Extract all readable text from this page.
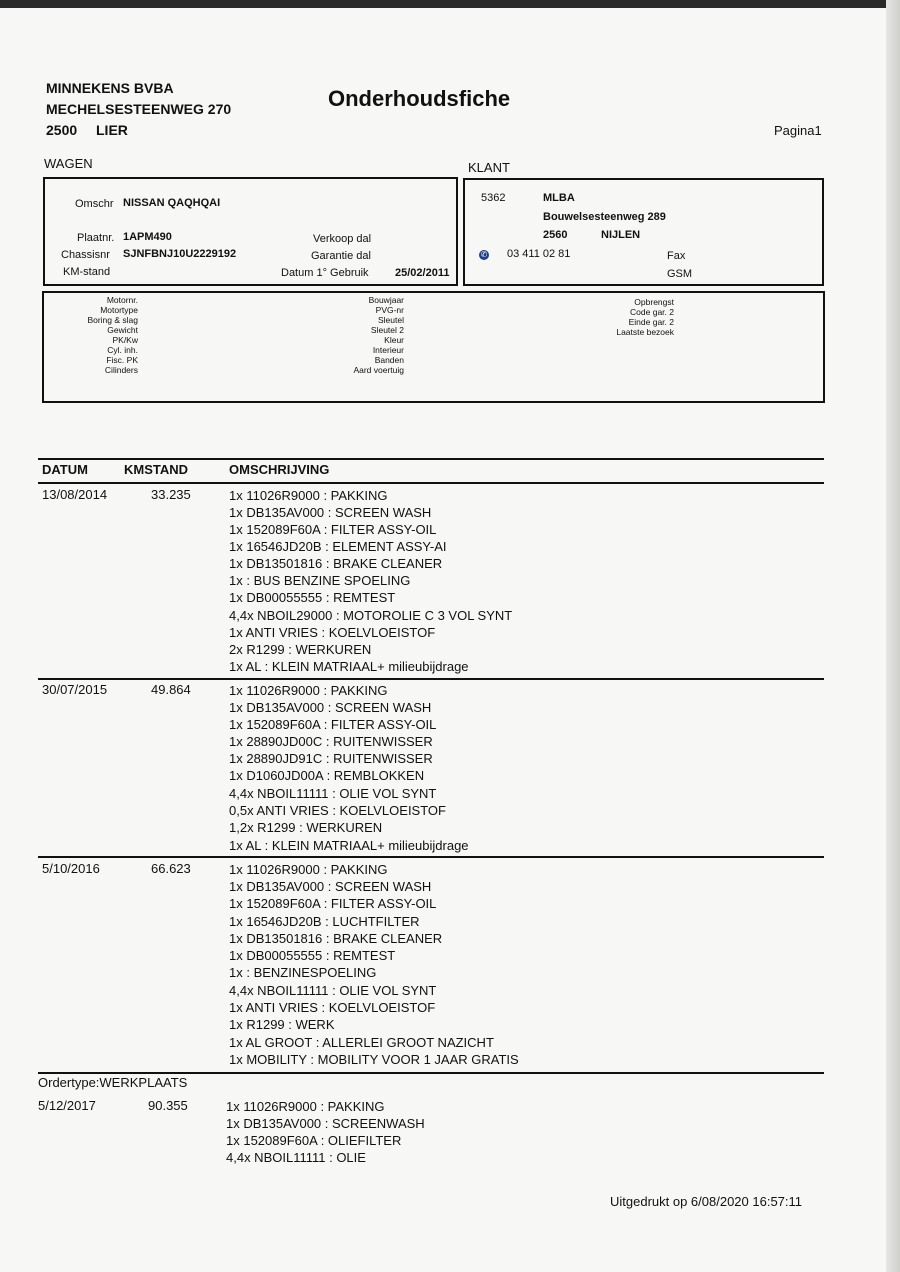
MINNEKENS BVBA
MECHELSESTEENWEG 270
2500 LIER
Onderhoudsfiche
Pagina1
WAGEN	KLANT
Omschr NISSAN QAQHQAI
Plaatnr. 1APM490
Chassisnr SJNFBNJ10U2229192
KM-stand
Verkoop dal
Garantie dal
Datum 1° Gebruik 25/02/2011
5362	MLBA
Bouwelsesteenweg 289
2560	NIJLEN
✆ 03 411 02 81	Fax
GSM
Motornr.
Motortype
Boring & slag
Gewicht
PK/Kw
Cyl. inh.
Fisc. PK
Cilinders
Bouwjaar
PVG-nr
Sleutel
Sleutel 2
Kleur
Interieur
Banden
Aard voertuig
Opbrengst
Code gar. 2
Einde gar. 2
Laatste bezoek
DATUM	KMSTAND	OMSCHRIJVING
13/08/2014	33.235	1x 11026R9000 : PAKKING
1x DB135AV000 : SCREEN WASH
1x 152089F60A : FILTER ASSY-OIL
1x 16546JD20B : ELEMENT ASSY-AI
1x DB13501816 : BRAKE CLEANER
1x : BUS BENZINE SPOELING
1x DB00055555 : REMTEST
4,4x NBOIL29000 : MOTOROLIE C 3 VOL SYNT
1x ANTI VRIES : KOELVLOEISTOF
2x R1299 : WERKUREN
1x AL : KLEIN MATRIAAL+ milieubijdrage
30/07/2015	49.864	1x 11026R9000 : PAKKING
1x DB135AV000 : SCREEN WASH
1x 152089F60A : FILTER ASSY-OIL
1x 28890JD00C : RUITENWISSER
1x 28890JD91C : RUITENWISSER
1x D1060JD00A : REMBLOKKEN
4,4x NBOIL11111 : OLIE VOL SYNT
0,5x ANTI VRIES : KOELVLOEISTOF
1,2x R1299 : WERKUREN
1x AL : KLEIN MATRIAAL+ milieubijdrage
5/10/2016	66.623	1x 11026R9000 : PAKKING
1x DB135AV000 : SCREEN WASH
1x 152089F60A : FILTER ASSY-OIL
1x 16546JD20B : LUCHTFILTER
1x DB13501816 : BRAKE CLEANER
1x DB00055555 : REMTEST
1x : BENZINESPOELING
4,4x NBOIL11111 : OLIE VOL SYNT
1x ANTI VRIES : KOELVLOEISTOF
1x R1299 : WERK
1x AL GROOT : ALLERLEI GROOT NAZICHT
1x MOBILITY : MOBILITY VOOR 1 JAAR GRATIS
Ordertype:WERKPLAATS
5/12/2017	90.355	1x 11026R9000 : PAKKING
1x DB135AV000 : SCREENWASH
1x 152089F60A : OLIEFILTER
4,4x NBOIL11111 : OLIE
Uitgedrukt op 6/08/2020 16:57:11
